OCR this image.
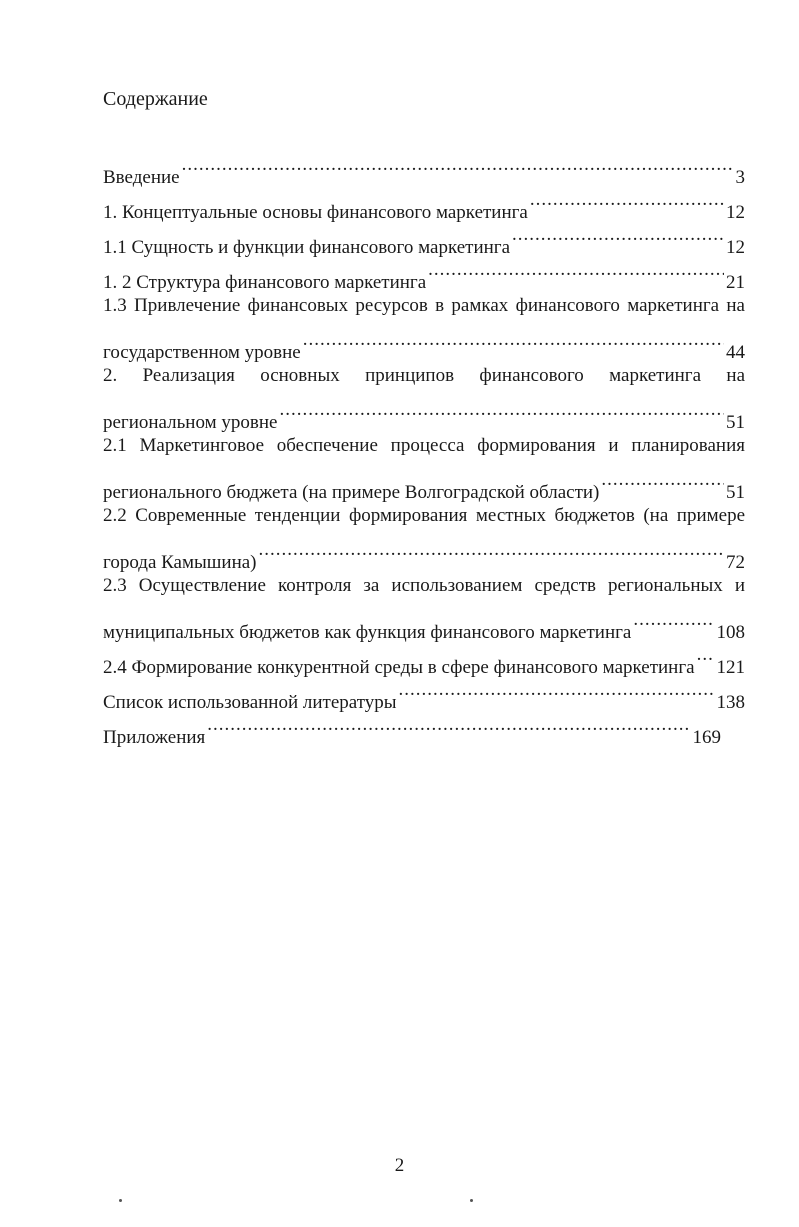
Содержание
Введение .....	3
1. Концептуальные основы финансового маркетинга .....	12
1.1 Сущность и функции финансового маркетинга .....	12
1. 2 Структура финансового маркетинга .....	21
1.3 Привлечение финансовых ресурсов в рамках финансового маркетинга на
государственном уровне .....	44
2. Реализация основных принципов финансового маркетинга на
региональном уровне .....	51
2.1 Маркетинговое обеспечение процесса формирования и планирования
регионального бюджета (на примере Волгоградской области) .....	51
2.2 Современные тенденции формирования местных бюджетов (на примере
города Камышина) .....	72
2.3 Осуществление контроля за использованием средств региональных и
муниципальных бюджетов как функция финансового маркетинга .....	108
2.4 Формирование конкурентной среды в сфере финансового маркетинга ..... 121
Список использованной литературы .....	138
Приложения .....	169
2
